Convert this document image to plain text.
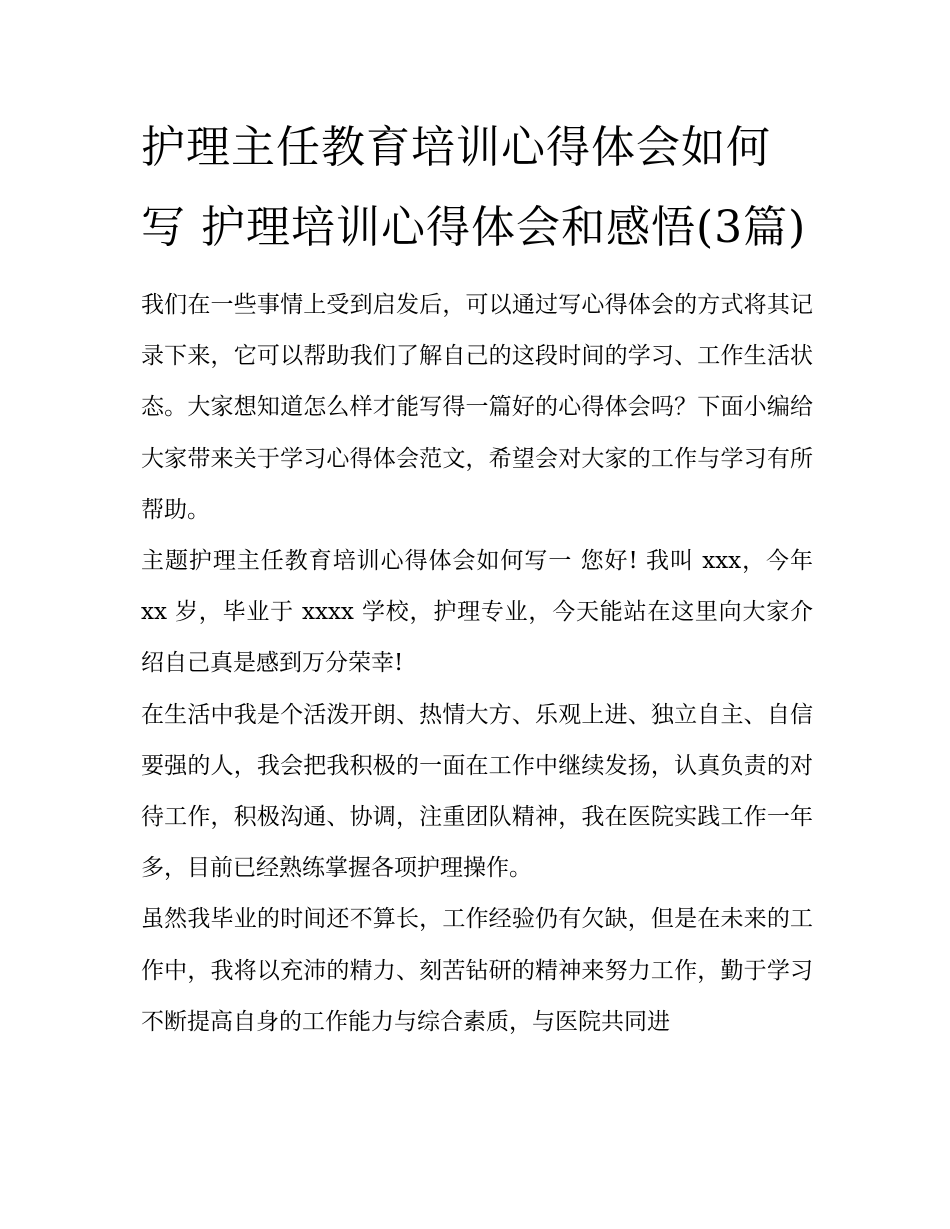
护理主任教育培训心得体会如何写 护理培训心得体会和感悟(3篇)

我们在一些事情上受到启发后，可以通过写心得体会的方式将其记录下来，它可以帮助我们了解自己的这段时间的学习、工作生活状态。大家想知道怎么样才能写得一篇好的心得体会吗？下面小编给大家带来关于学习心得体会范文，希望会对大家的工作与学习有所帮助。

主题护理主任教育培训心得体会如何写一 您好! 我叫 xxx，今年 xx 岁，毕业于 xxxx 学校，护理专业，今天能站在这里向大家介绍自己真是感到万分荣幸!

在生活中我是个活泼开朗、热情大方、乐观上进、独立自主、自信要强的人，我会把我积极的一面在工作中继续发扬，认真负责的对待工作，积极沟通、协调，注重团队精神，我在医院实践工作一年多，目前已经熟练掌握各项护理操作。

虽然我毕业的时间还不算长，工作经验仍有欠缺，但是在未来的工作中，我将以充沛的精力、刻苦钻研的精神来努力工作，勤于学习不断提高自身的工作能力与综合素质，与医院共同进
